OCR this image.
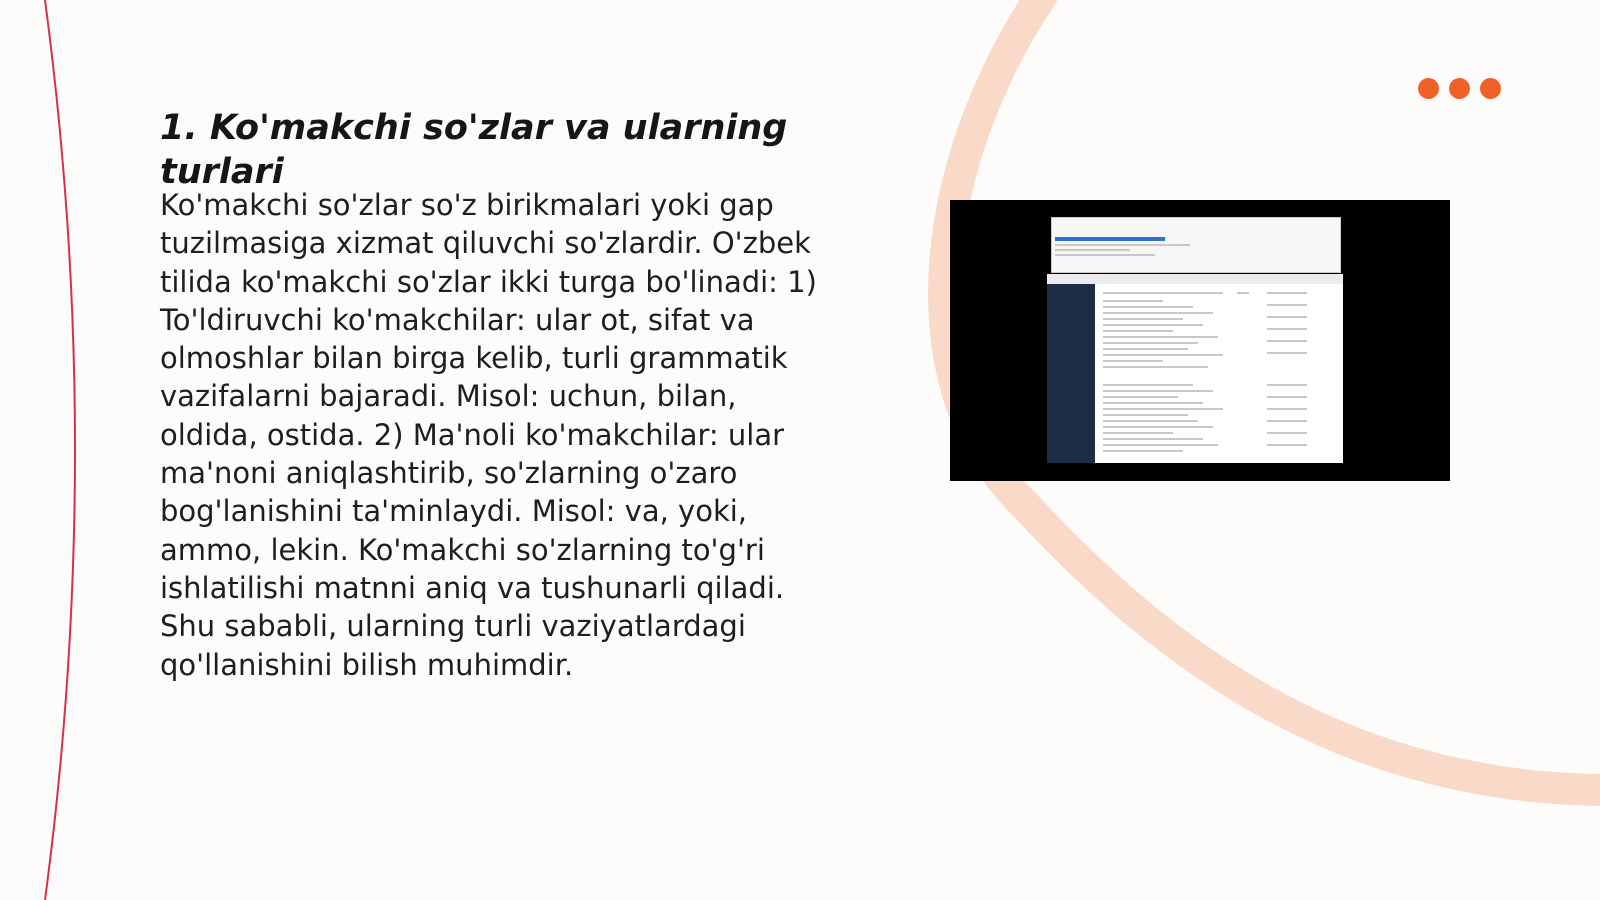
1. Ko'makchi so'zlar va ularning turlari

Ko'makchi so'zlar so'z birikmalari yoki gap tuzilmasiga xizmat qiluvchi so'zlardir. O'zbek tilida ko'makchi so'zlar ikki turga bo'linadi: 1) To'ldiruvchi ko'makchilar: ular ot, sifat va olmoshlar bilan birga kelib, turli grammatik vazifalarni bajaradi. Misol: uchun, bilan, oldida, ostida. 2) Ma'noli ko'makchilar: ular ma'noni aniqlashtirib, so'zlarning o'zaro bog'lanishini ta'minlaydi. Misol: va, yoki, ammo, lekin. Ko'makchi so'zlarning to'g'ri ishlatilishi matnni aniq va tushunarli qiladi. Shu sababli, ularning turli vaziyatlardagi qo'llanishini bilish muhimdir.
